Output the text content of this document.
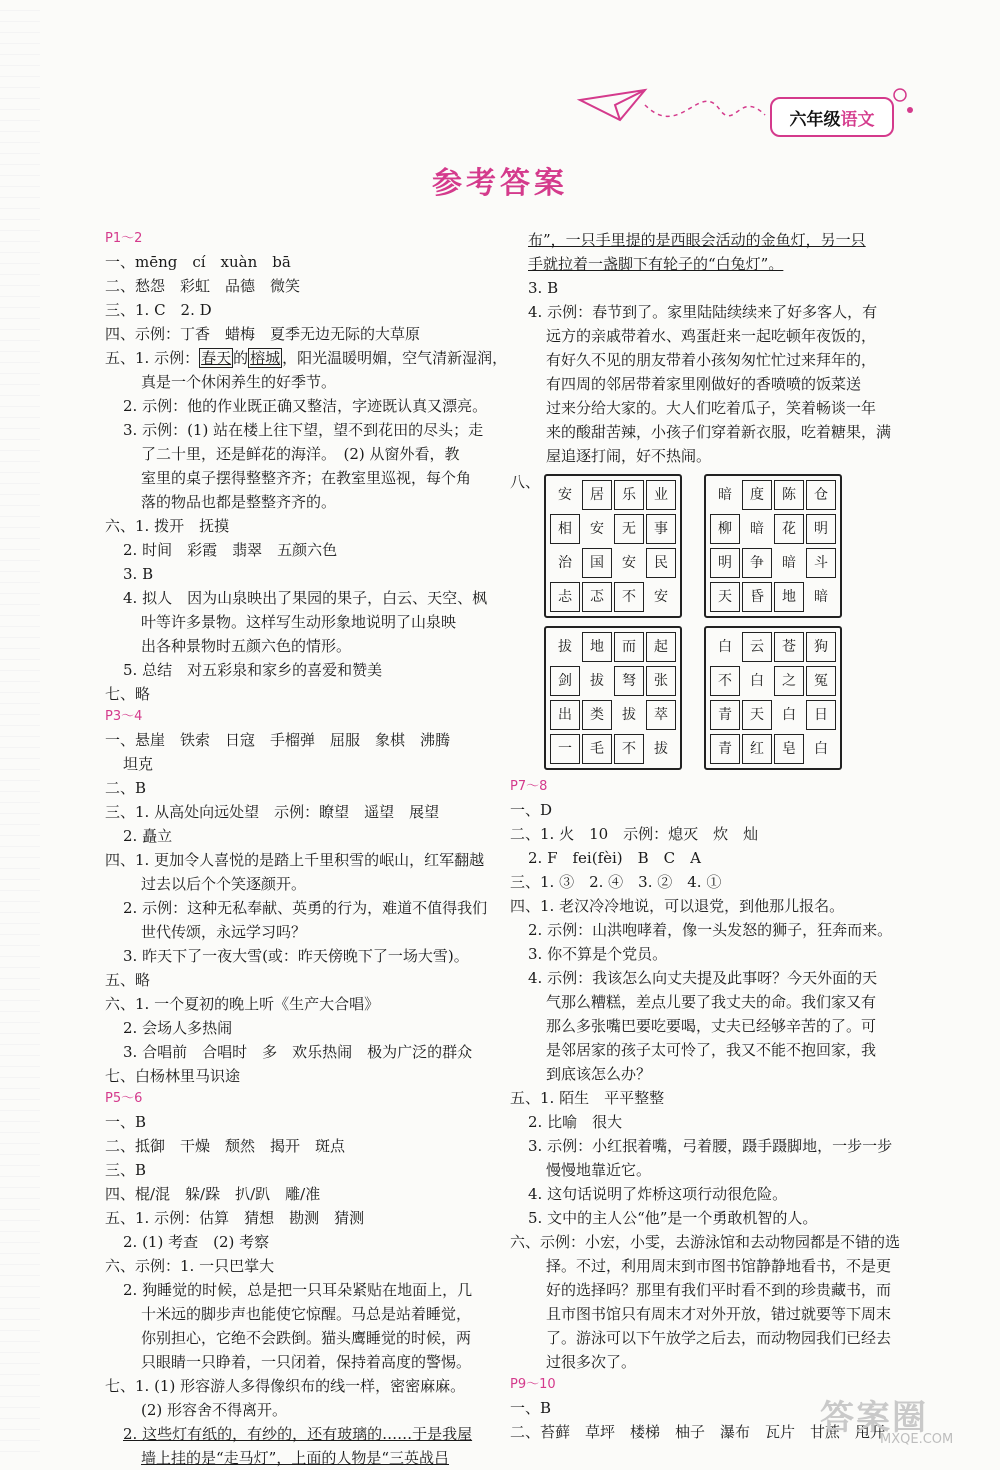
六年级 语文
参考答案
P1～2
一、mēng　cí　xuàn　bā
二、愁怨　彩虹　品德　微笑
三、1. C　2. D
四、示例：丁香　蜡梅　夏季无边无际的大草原
五、1. 示例： 春天 的 榕城 ，阳光温暖明媚，空气清新湿润，
真是一个休闲养生的好季节。
2. 示例：他的作业既正确又整洁，字迹既认真又漂亮。
3. 示例：(1) 站在楼上往下望，望不到花田的尽头；走
了二十里，还是鲜花的海洋。　(2) 从窗外看，教
室里的桌子摆得整整齐齐；在教室里巡视，每个角
落的物品也都是整整齐齐的。
六、1. 拨开　抚摸
2. 时间　彩霞　翡翠　五颜六色
3. B
4. 拟人　因为山泉映出了果园的果子，白云、天空、枫
叶等许多景物。这样写生动形象地说明了山泉映
出各种景物时五颜六色的情形。
5. 总结　对五彩泉和家乡的喜爱和赞美
七、略
P3～4
一、悬崖　铁索　日寇　手榴弹　屈服　象棋　沸腾
坦克
二、B
三、1. 从高处向远处望　示例：瞭望　遥望　展望
2. 矗立
四、1. 更加令人喜悦的是踏上千里积雪的岷山，红军翻越
过去以后个个笑逐颜开。
2. 示例：这种无私奉献、英勇的行为，难道不值得我们
世代传颂，永远学习吗？
3. 昨天下了一夜大雪(或：昨天傍晚下了一场大雪)。
五、略
六、1. 一个夏初的晚上听《生产大合唱》
2. 会场人多热闹
3. 合唱前　合唱时　多　欢乐热闹　极为广泛的群众
七、白杨林里马识途
P5～6
一、B
二、抵御　干燥　颓然　揭开　斑点
三、B
四、棍/混　躲/跺　扒/趴　雕/准
五、1. 示例：估算　猜想　勘测　猜测
2. (1) 考查　(2) 考察
六、示例：1. 一只巴掌大
2. 狗睡觉的时候，总是把一只耳朵紧贴在地面上，几
十米远的脚步声也能使它惊醒。马总是站着睡觉，
你别担心，它绝不会跌倒。猫头鹰睡觉的时候，两
只眼睛一只睁着，一只闭着，保持着高度的警惕。
七、1. (1) 形容游人多得像织布的线一样，密密麻麻。
(2) 形容舍不得离开。
2. 这些灯有纸的，有纱的，还有玻璃的……于是我屋
墙上挂的是“走马灯”，上面的人物是“三英战吕
布”，一只手里提的是西眼会活动的金鱼灯，另一只
手就拉着一盏脚下有轮子的“白兔灯”。
3. B
4. 示例：春节到了。家里陆陆续续来了好多客人，有
远方的亲戚带着水、鸡蛋赶来一起吃顿年夜饭的，
有好久不见的朋友带着小孩匆匆忙忙过来拜年的，
有四周的邻居带着家里刚做好的香喷喷的饭菜送
过来分给大家的。大人们吃着瓜子，笑着畅谈一年
来的酸甜苦辣，小孩子们穿着新衣服，吃着糖果，满
屋追逐打闹，好不热闹。
八、
安	居	乐	业
相	安	无	事
治	国	安	民
忐	忑	不	安
暗	度	陈	仓
柳	暗	花	明
明	争	暗	斗
天	昏	地	暗
拔	地	而	起
剑	拔	弩	张
出	类	拔	萃
一	毛	不	拔
白	云	苍	狗
不	白	之	冤
青	天	白	日
青	红	皂	白
P7～8
一、D
二、1. 火　10　示例：熄灭　炊　灿
2. F　fei(fèi)　B　C　A
三、1. ③　2. ④　3. ②　4. ①
四、1. 老汉冷冷地说，可以退党，到他那儿报名。
2. 示例：山洪咆哮着，像一头发怒的狮子，狂奔而来。
3. 你不算是个党员。
4. 示例：我该怎么向丈夫提及此事呀？今天外面的天
气那么糟糕，差点儿要了我丈夫的命。我们家又有
那么多张嘴巴要吃要喝，丈夫已经够辛苦的了。可
是邻居家的孩子太可怜了，我又不能不抱回家，我
到底该怎么办？
五、1. 陌生　平平整整
2. 比喻　很大
3. 示例：小红抿着嘴，弓着腰，蹑手蹑脚地，一步一步
慢慢地靠近它。
4. 这句话说明了炸桥这项行动很危险。
5. 文中的主人公“他”是一个勇敢机智的人。
六、示例：小宏，小雯，去游泳馆和去动物园都是不错的选
择。不过，利用周末到市图书馆静静地看书，不是更
好的选择吗？那里有我们平时看不到的珍贵藏书，而
且市图书馆只有周末才对外开放，错过就要等下周末
了。游泳可以下午放学之后去，而动物园我们已经去
过很多次了。
P9～10
一、B
二、苔藓　草坪　楼梯　柚子　瀑布　瓦片　甘蔗　甩开
答案圈
MXQE.COM
